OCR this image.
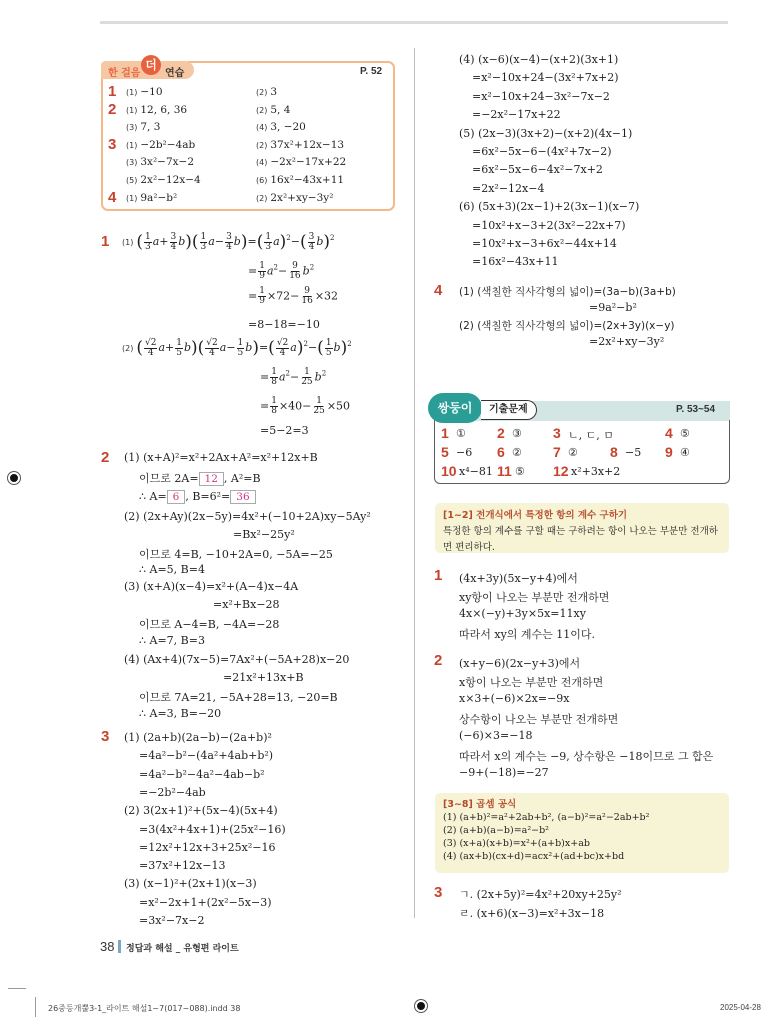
한 걸음
더
연습	P. 52
1 (1) −10	(2) 3
2 (1) 12, 6, 36	(2) 5, 4
(3) 7, 3	(4) 3, −20
3 (1) −2b²−4ab	(2) 37x²+12x−13
(3) 3x²−7x−2	(4) −2x²−17x+22
(5) 2x²−12x−4	(6) 16x²−43x+11
4 (1) 9a²−b²	(2) 2x²+xy−3y²
1 (1) ( $\frac{1}{3} a+ \frac{3}{4} b)( \frac{1}{3} a- \frac{3}{4} b)=( \frac{1}{3} a)^2-( \frac{3}{4} b)^2$
= $\frac{1}{9} a^2- \frac{9}{16} b^2$
= $\frac{1}{9} \times 72- \frac{9}{16} \times 32$
=8−18=−10
(2) ( $\frac{√2}{4} a+ \frac{1}{5} b)( \frac{√2}{4} a- \frac{1}{5} b)=( \frac{√2}{4} a)^2-( \frac{1}{5} b)^2$
= $\frac{1}{8} a^2- \frac{1}{25} b^2$
= $\frac{1}{8} \times 40- \frac{1}{25} \times 50$
=5−2=3
2 (1) (x+A)²=x²+2Ax+A²=x²+12x+B
이므로 2A= 12 , A²=B
∴ A= 6 , B=6²= 36
(2) (2x+Ay)(2x−5y)=4x²+(−10+2A)xy−5Ay²
=Bx²−25y²
이므로 4=B, −10+2A=0, −5A=−25
∴ A=5, B=4
(3) (x+A)(x−4)=x²+(A−4)x−4A
=x²+Bx−28
이므로 A−4=B, −4A=−28
∴ A=7, B=3
(4) (Ax+4)(7x−5)=7Ax²+(−5A+28)x−20
=21x²+13x+B
이므로 7A=21, −5A+28=13, −20=B
∴ A=3, B=−20
3 (1) (2a+b)(2a−b)−(2a+b)²
=4a²−b²−(4a²+4ab+b²)
=4a²−b²−4a²−4ab−b²
=−2b²−4ab
(2) 3(2x+1)²+(5x−4)(5x+4)
=3(4x²+4x+1)+(25x²−16)
=12x²+12x+3+25x²−16
=37x²+12x−13
(3) (x−1)²+(2x+1)(x−3)
=x²−2x+1+(2x²−5x−3)
=3x²−7x−2
(4) (x−6)(x−4)−(x+2)(3x+1)
=x²−10x+24−(3x²+7x+2)
=x²−10x+24−3x²−7x−2
=−2x²−17x+22
(5) (2x−3)(3x+2)−(x+2)(4x−1)
=6x²−5x−6−(4x²+7x−2)
=6x²−5x−6−4x²−7x+2
=2x²−12x−4
(6) (5x+3)(2x−1)+2(3x−1)(x−7)
=10x²+x−3+2(3x²−22x+7)
=10x²+x−3+6x²−44x+14
=16x²−43x+11
4 (1) (색칠한 직사각형의 넓이)=(3a−b)(3a+b)
=9a²−b²
(2) (색칠한 직사각형의 넓이)=(2x+3y)(x−y)
=2x²+xy−3y²
쌍둥이	기출문제	P. 53~54
1 ① 2 ③ 3 ㄴ, ㄷ, ㅁ	4 ⑤
5 −6 6 ② 7 ② 8 −5 9 ④
10 x⁴−81 11 ⑤ 12 x²+3x+2
[1~2] 전개식에서 특정한 항의 계수 구하기
특정한 항의 계수를 구할 때는 구하려는 항이 나오는 부분만 전개하면 편리하다.
1 (4x+3y)(5x−y+4)에서
xy항이 나오는 부분만 전개하면
4x×(−y)+3y×5x=11xy
따라서 xy의 계수는 11이다.
2 (x+y−6)(2x−y+3)에서
x항이 나오는 부분만 전개하면
x×3+(−6)×2x=−9x
상수항이 나오는 부분만 전개하면
(−6)×3=−18
따라서 x의 계수는 −9, 상수항은 −18이므로 그 합은
−9+(−18)=−27
[3~8] 곱셈 공식
(1) (a+b)²=a²+2ab+b², (a−b)²=a²−2ab+b²
(2) (a+b)(a−b)=a²−b²
(3) (x+a)(x+b)=x²+(a+b)x+ab
(4) (ax+b)(cx+d)=acx²+(ad+bc)x+bd
3 ㄱ. (2x+5y)²=4x²+20xy+25y²
ㄹ. (x+6)(x−3)=x²+3x−18
38 정답과 해설 _ 유형편 라이트
26중등개뿔3-1_라이트 해설1~7(017~088).indd 38	2025-04-28
